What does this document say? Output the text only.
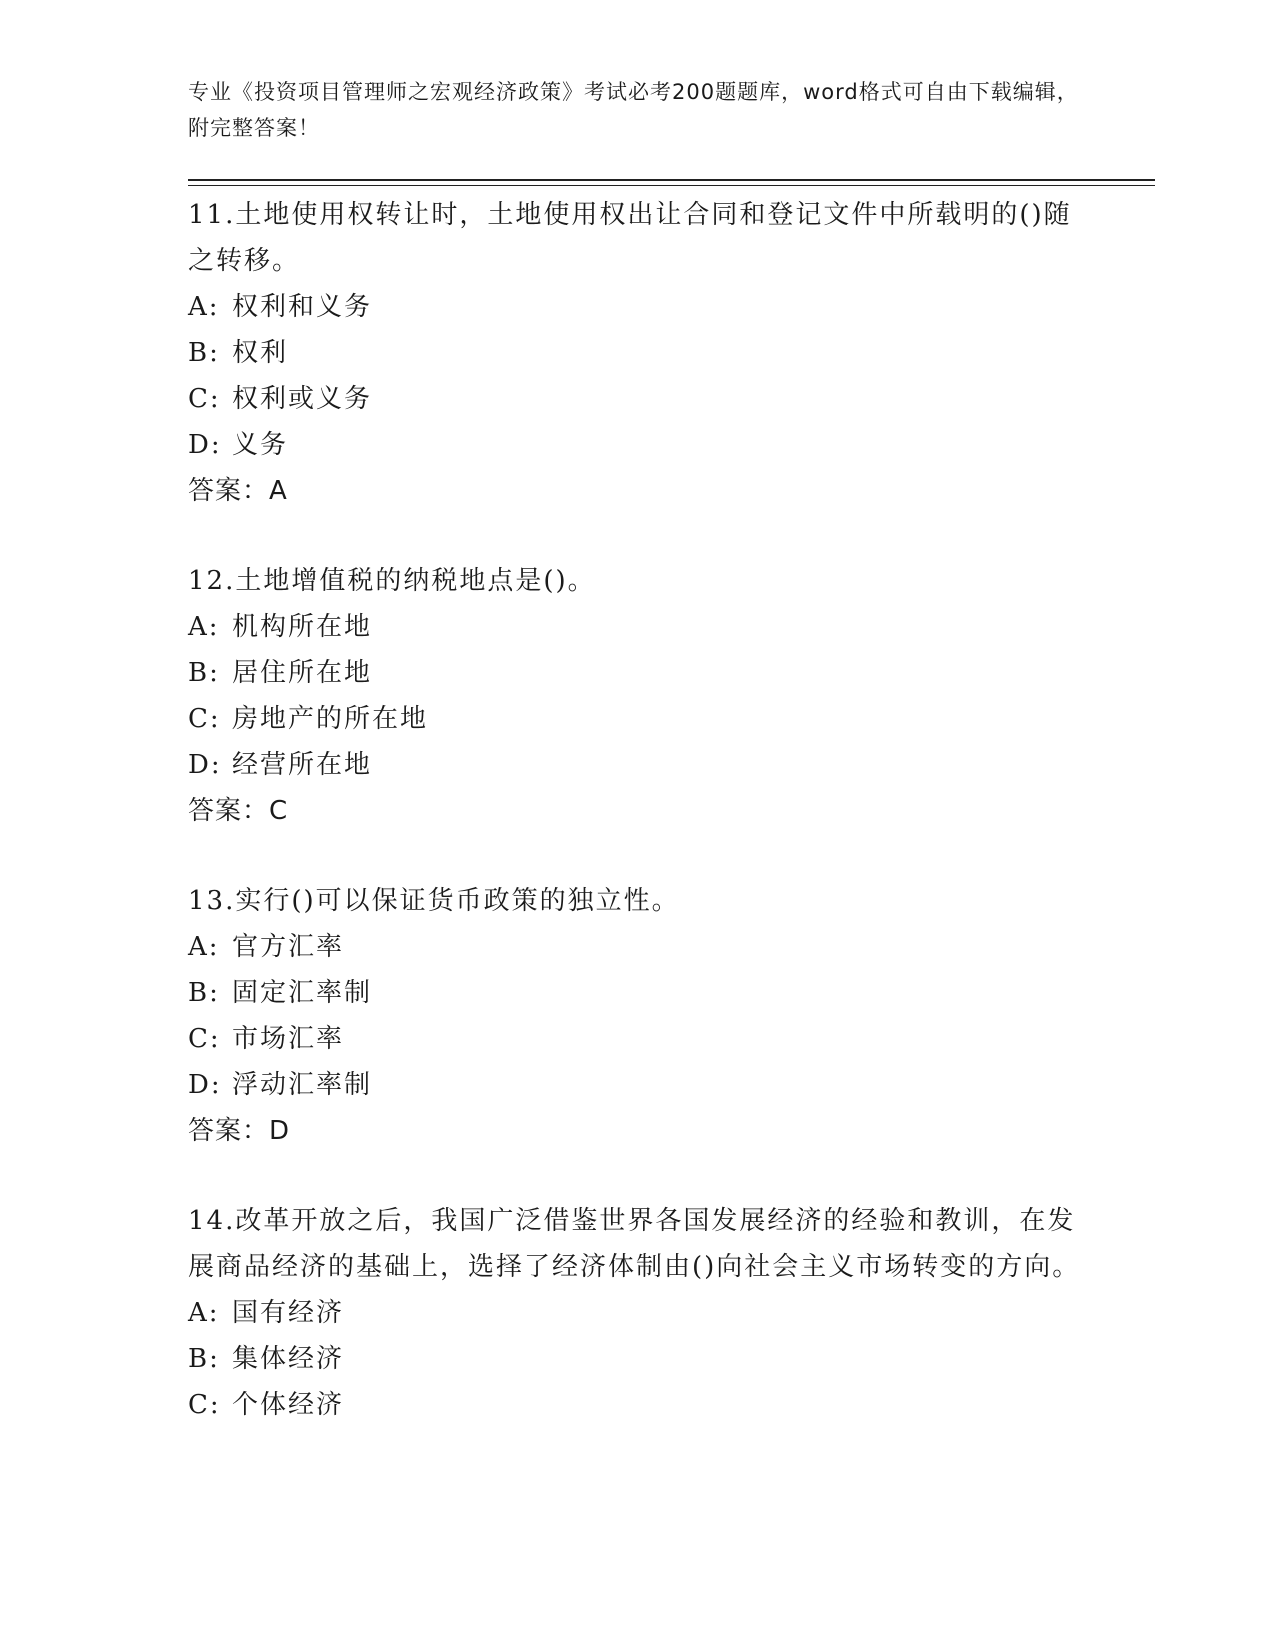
专业《投资项目管理师之宏观经济政策》考试必考200题题库，word格式可自由下载编辑，附完整答案！

11.土地使用权转让时，土地使用权出让合同和登记文件中所载明的()随之转移。

A: 权利和义务

B: 权利

C: 权利或义务

D: 义务

答案：A

12.土地增值税的纳税地点是()。

A: 机构所在地

B: 居住所在地

C: 房地产的所在地

D: 经营所在地

答案：C

13.实行()可以保证货币政策的独立性。

A: 官方汇率

B: 固定汇率制

C: 市场汇率

D: 浮动汇率制

答案：D

14.改革开放之后，我国广泛借鉴世界各国发展经济的经验和教训，在发展商品经济的基础上，选择了经济体制由()向社会主义市场转变的方向。

A: 国有经济

B: 集体经济

C: 个体经济
